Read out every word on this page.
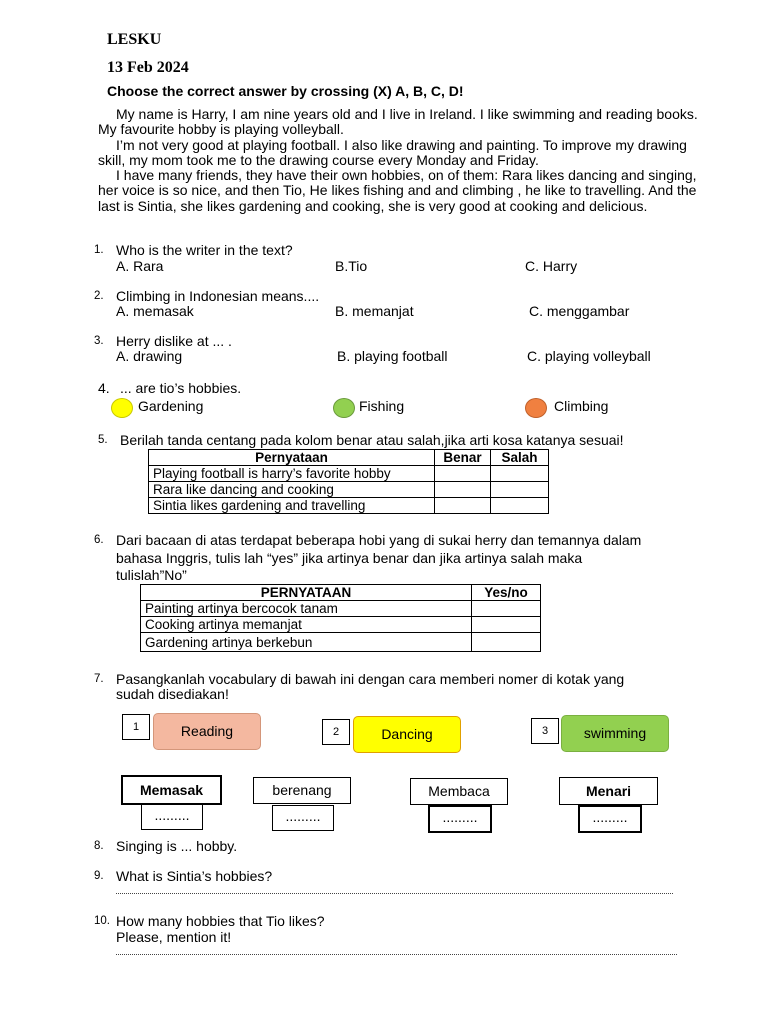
LESKU
13 Feb 2024
Choose the correct answer by crossing (X) A, B, C, D!

My name is Harry, I am nine years old and I live in Ireland. I like swimming and reading books. My favourite hobby is playing volleyball.

I’m not very good at playing football. I also like drawing and painting. To improve my drawing skill, my mom took me to the drawing course every Monday and Friday.

I have many friends, they have their own hobbies, on of them: Rara likes dancing and singing, her voice is so nice, and then Tio, He likes fishing and and climbing , he like to travelling. And the last is Sintia, she likes gardening and cooking, she is very good at cooking and delicious.

1. Who is the writer in the text?
A. Rara	B.Tio	C. Harry
2. Climbing in Indonesian means....
A. memasak	B. memanjat	C. menggambar
3. Herry dislike at ... .
A. drawing	B. playing football	C. playing volleyball
4. ... are tio’s hobbies.
Gardening	Fishing	Climbing
5. Berilah tanda centang pada kolom benar atau salah,jika arti kosa katanya sesuai!
Pernyataan	Benar	Salah
Playing football is harry’s favorite hobby		
Rara like dancing and cooking		
Sintia likes gardening and travelling		
6. Dari bacaan di atas terdapat beberapa hobi yang di sukai herry dan temannya dalam
bahasa Inggris, tulis lah “yes” jika artinya benar dan jika artinya salah maka
tulislah”No”
PERNYATAAN	Yes/no
Painting artinya bercocok tanam	
Cooking artinya memanjat	
Gardening artinya berkebun	
7. Pasangkanlah vocabulary di bawah ini dengan cara memberi nomer di kotak yang
sudah disediakan!
1	Reading	2	Dancing	3	swimming
Memasak
.........
berenang
.........
Membaca
.........
Menari
.........
8. Singing is ... hobby.
9. What is Sintia’s hobbies?
10. How many hobbies that Tio likes?
Please, mention it!
